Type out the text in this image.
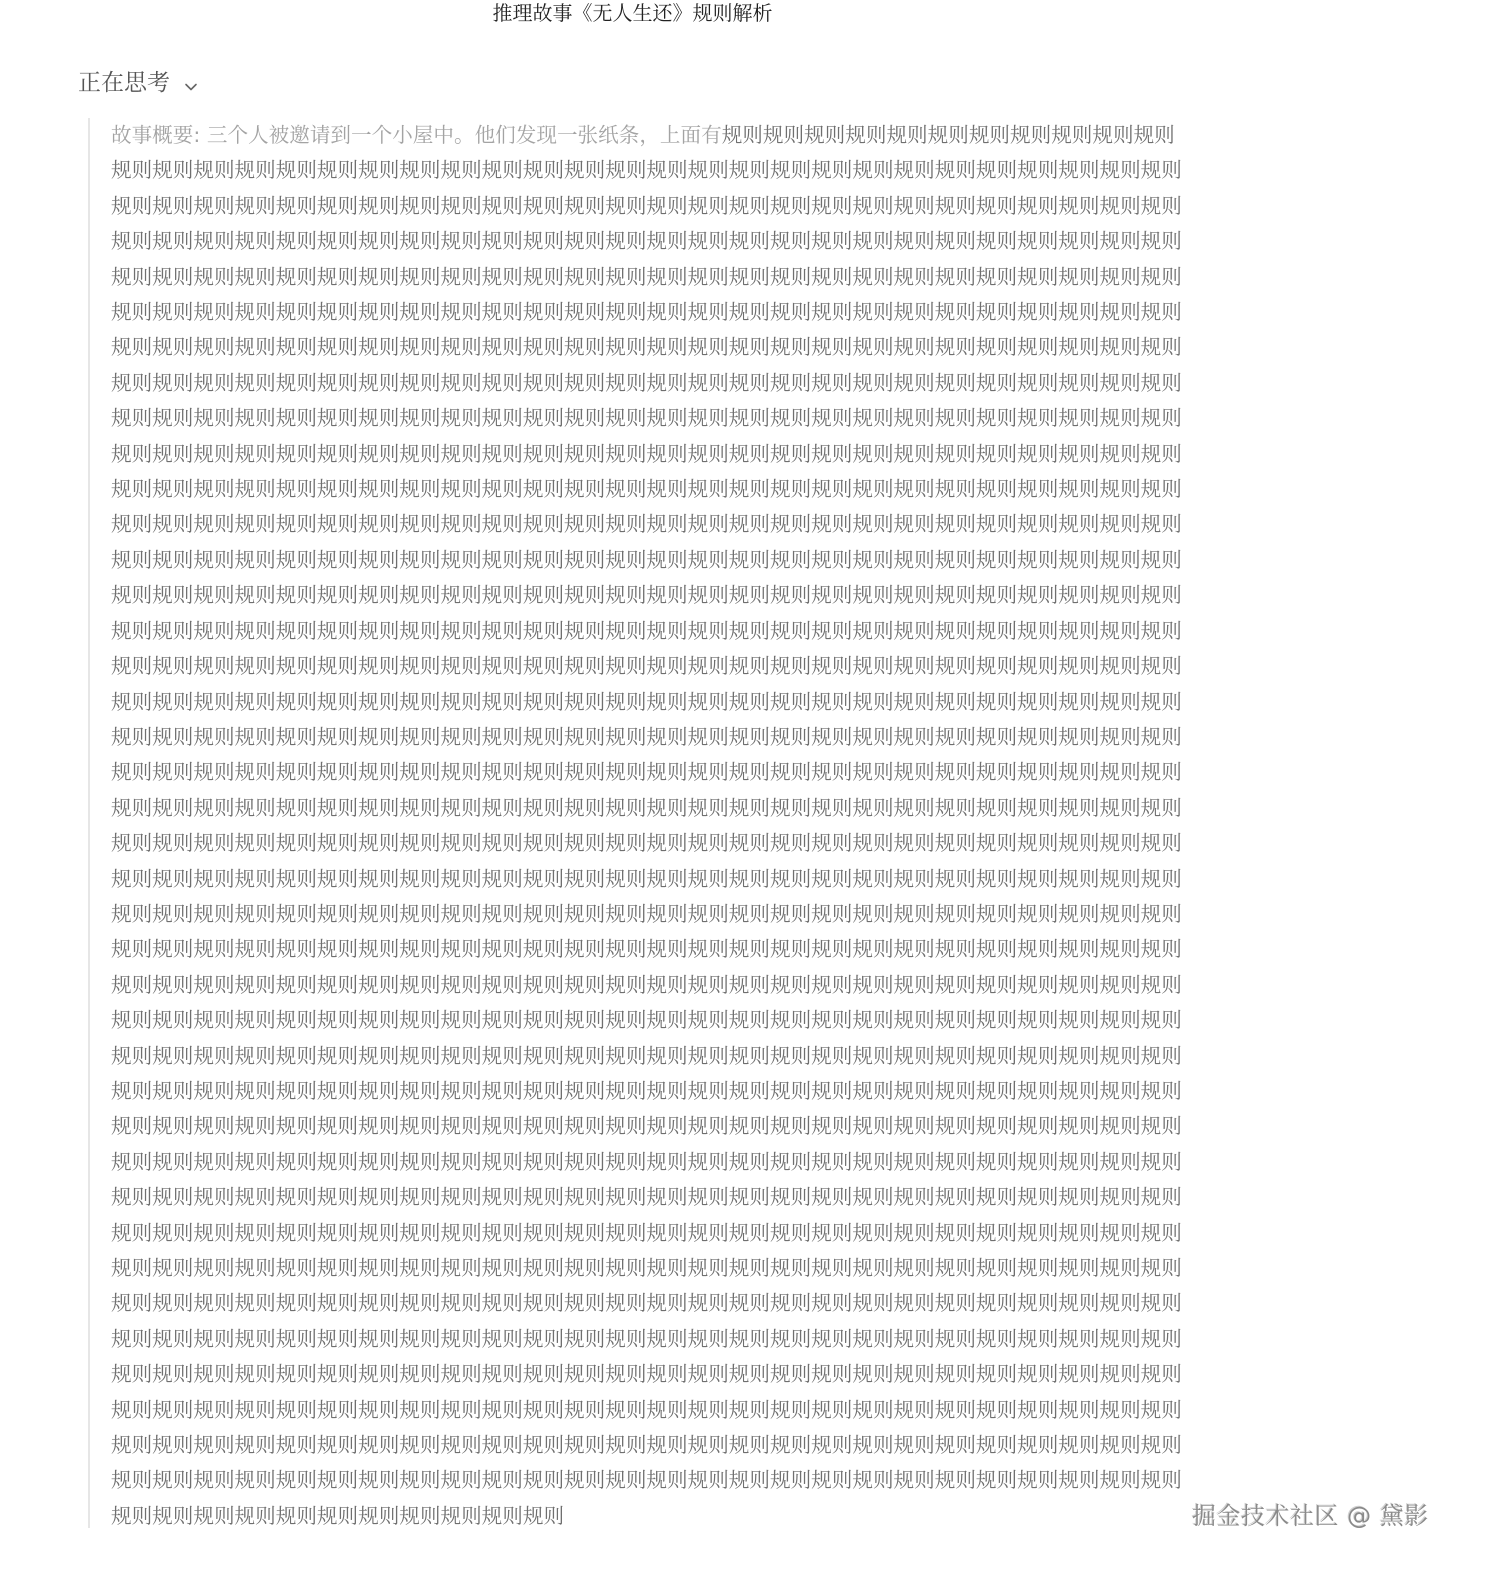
推理故事《无人生还》规则解析
正在思考

故事概要: 三个人被邀请到一个小屋中。他们发现一张纸条，上面有规则规则规则规则规则规则规则规则规则规则规则规则规则规则规则规则规则规则规则规则规则规则规则规则规则规则规则规则规则规则规则规则规则规则规则规则规则规则规则规则规则规则规则规则规则规则规则规则规则规则规则规则规则规则规则规则规则规则规则规则规则规则规则规则规则规则规则规则规则规则规则规则规则规则规则规则规则规则规则规则规则规则规则规则规则规则规则规则规则规则规则规则规则规则规则规则规则规则规则规则规则规则规则规则规则规则规则规则规则规则规则规则规则规则规则规则规则规则规则规则规则规则规则规则规则规则规则规则规则规则规则规则规则规则规则规则规则规则规则规则规则规则规则规则规则规则规则规则规则规则规则规则规则规则规则规则规则规则规则规则规则规则规则规则规则规则规则规则规则规则规则规则规则规则规则规则规则规则规则规则规则规则规则规则规则规则规则规则规则规则规则规则规则规则规则规则规则规则规则规则规则规则规则规则规则规则规则规则规则规则规则规则规则规则规则规则规则规则规则规则规则规则规则规则规则规则规则规则规则规则规则规则规则规则规则规则规则规则规则规则规则规则规则规则规则规则规则规则规则规则规则规则规则规则规则规则规则规则规则规则规则规则规则规则规则规则规则规则规则规则规则规则规则规则规则规则规则规则规则规则规则规则规则规则规则规则规则规则规则规则规则规则规则规则规则规则规则规则规则规则规则规则规则规则规则规则规则规则规则规则规则规则规则规则规则规则规则规则规则规则规则规则规则规则规则规则规则规则规则规则规则规则规则规则规则规则规则规则规则规则规则规则规则规则规则规则规则规则规则规则规则规则规则规则规则规则规则规则规则规则规则规则规则规则规则规则规则规则规则规则规则规则规则规则规则规则规则规则规则规则规则规则规则规则规则规则规则规则规则规则规则规则规则规则规则规则规则规则规则规则规则规则规则规则规则规则规则规则规则规则规则规则规则规则规则规则规则规则规则规则规则规则规则规则规则规则规则规则规则规则规则规则规则规则规则规则规则规则规则规则规则规则规则规则规则规则规则规则规则规则规则规则规则规则规则规则规则规则规则规则规则规则规则规则规则规则规则规则规则规则规则规则规则规则规则规则规则规则规则规则规则规则规则规则规则规则规则规则规则规则规则规则规则规则规则规则规则规则规则规则规则规则规则规则规则规则规则规则规则规则规则规则规则规则规则规则规则规则规则规则规则规则规则规则规则规则规则规则规则规则规则规则规则规则规则规则规则规则规则规则规则规则规则规则规则规则规则规则规则规则规则规则规则规则规则规则规则规则规则规则规则规则规则规则规则规则规则规则规则规则规则规则规则规则规则规则规则规则规则规则规则规则规则规则规则规则规则规则规则规则规则规则规则规则规则规则规则规则规则规则规则规则规则规则规则规则规则规则规则规则规则规则规则规则规则规则规则规则规则规则规则规则规则规则规则规则规则规则规则规则规则规则规则规则规则规则规则规则规则规则规则规则规则规则规则规则规则规则规则规则规则规则规则规则规则规则规则规则规则规则规则规则规则规则规则规则规则规则规则规则规则规则规则规则规则规则规则规则规则规则规则规则规则规则规则规则规则规则规则规则规则规则规则规则规则规则规则规则规则规则规则规则规则规则规则规则规则规则规则规则规则规则规则规则规则规则规则规则规则规则规则规则规则规则规则规则规则规则规则规则规则规则规则规则规则规则规则规则规则规则规则规则规则规则规则规则规则规则规则规则规则规则规则规则规则规则规则规则规则规则规则规则规则规则规则规则规则规则规则规则规则规则规则规则规则规则规则规则规则规则规则规则规则规则规则规则规则规则规则规则规则规则规则规则规则规则规则规则规则规则规则规则规则规则规则规则规则规则规则规则规则规则规则规则规则规则规则规则规则规则规则规则规则规则规则规则规则规则规则规则规则规则规则规则规则规则规则规则规则规则规则规则规则规则规则规则规则规则规则规则规则规则规则规则规则规则规则规则规则规则规则规则规则规则规则规则规则规则规则规则规则规则规则规则规则规则规则规则规则规则规则规则规则规则规则规则规则规则规则规则规则规则规则规则规则规则规则规则规则规则规则规则规则规则规则规则规则规则规则规则规则规则规则规则规则规则规则规则规则规则规则规则规则规则规则规则规则规则规则规则规则规则规则规则规则规则规则规则规则规则规则规则规则规则规则规则规则规则规则规则规则规则规则规则规则规则规则规则规则规则规则规则规则规则规则规则规则规则规则规则规则规则规则规则规则规则规则规则规则规则规则规则规则规则规则规则规则规则规则规则规则规则规则规则规则规则规则规则规则规则规则规则规则规则规则规则规则规则规则规则	掘金技术社区 @ 黛影
